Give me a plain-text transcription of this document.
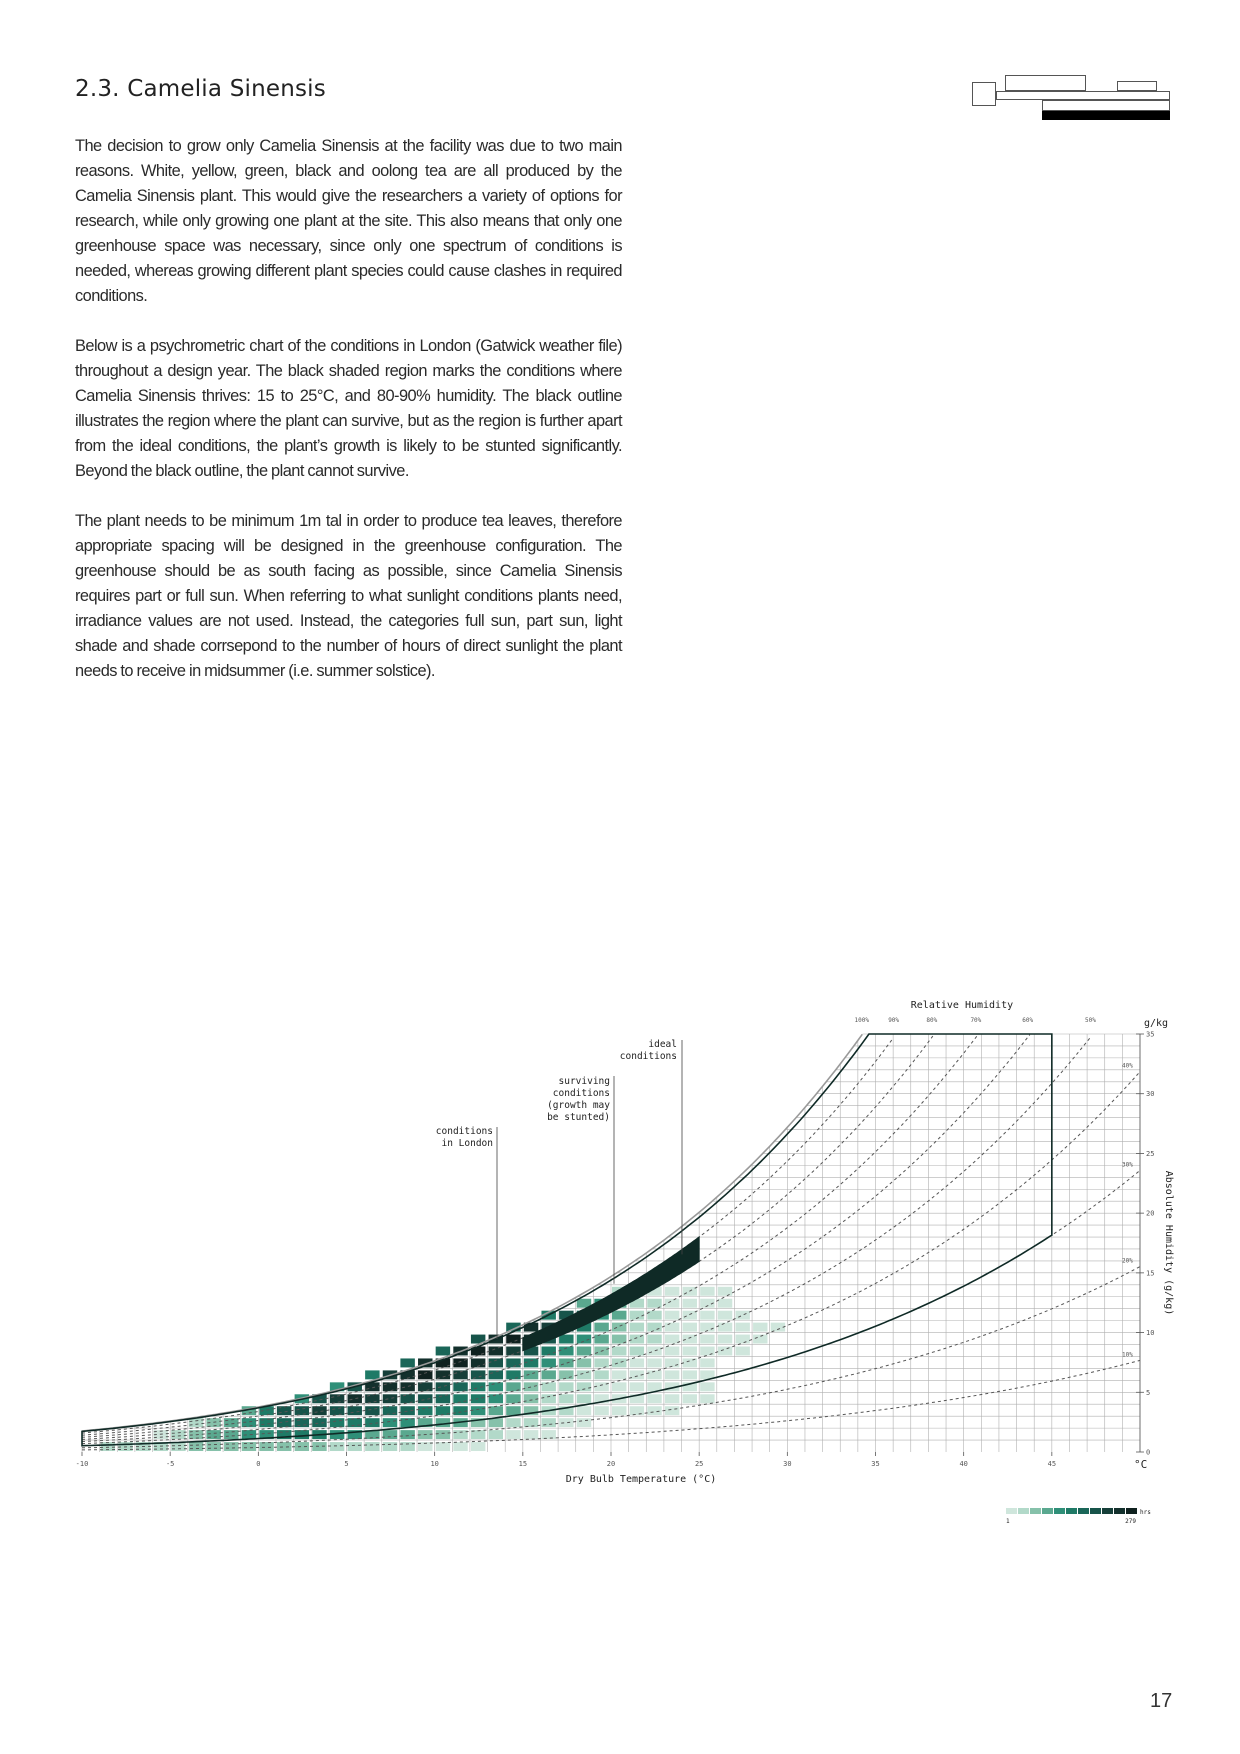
2.3. Camelia Sinensis

The decision to grow only Camelia Sinensis at the facility was due to two main reasons. White, yellow, green, black and oolong tea are all produced by the Camelia Sinensis plant. This would give the researchers a variety of options for research, while only growing one plant at the site. This also means that only one greenhouse space was necessary, since only one spectrum of conditions is needed, whereas growing different plant species could cause clashes in required conditions.

Below is a psychrometric chart of the conditions in London (Gatwick weather file) throughout a design year. The black shaded region marks the conditions where Camelia Sinensis thrives: 15 to 25°C, and 80-90% humidity. The black outline illustrates the region where the plant can survive, but as the region is further apart from the ideal conditions, the plant’s growth is likely to be stunted significantly. Beyond the black outline, the plant cannot survive.

The plant needs to be minimum 1m tal in order to produce tea leaves, therefore appropriate spacing will be designed in the greenhouse configuration. The greenhouse should be as south facing as possible, since Camelia Sinensis requires part or full sun. When referring to what sunlight conditions plants need, irradiance values are not used. Instead, the categories full sun, part sun, light shade and shade corrsepond to the number of hours of direct sunlight the plant needs to receive in midsummer (i.e. summer solstice).

100%	90%	80%	70%	60%	50%
40%
30%
20%
10%
-10	-5	0	5	10	15	20	25	30	35	40	45	°C
Dry Bulb Temperature (°C)
0
5
10
15
20
25
30
35
g/kg
Absolute Humidity (g/kg)
Relative Humidity
ideal conditions
surviving conditions (growth may be stunted)
conditions in London
hrs
1	279
17
